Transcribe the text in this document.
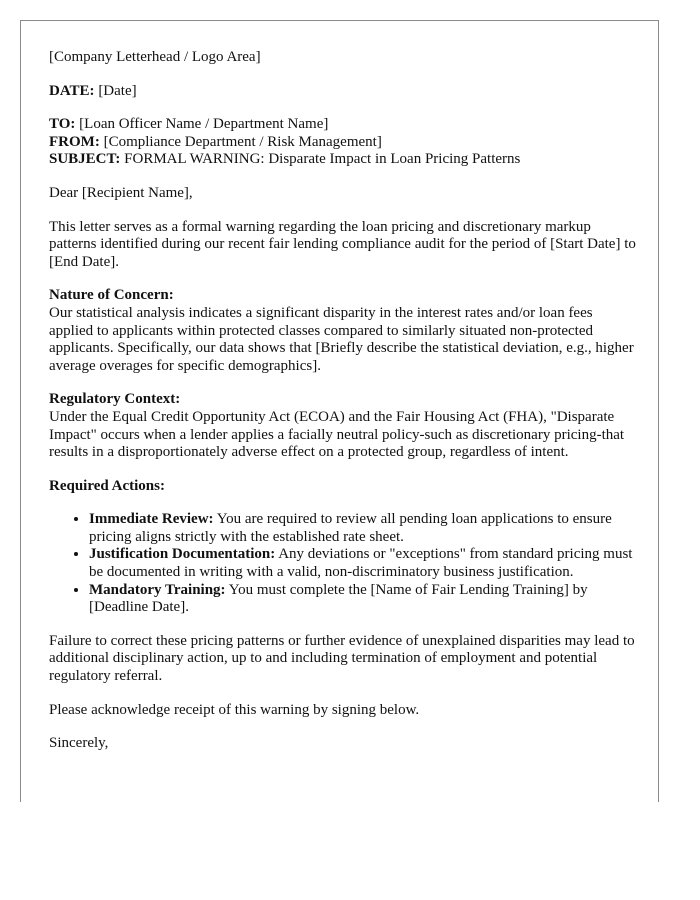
[Company Letterhead / Logo Area]

DATE: [Date]

TO: [Loan Officer Name / Department Name]
FROM: [Compliance Department / Risk Management]
SUBJECT: FORMAL WARNING: Disparate Impact in Loan Pricing Patterns

Dear [Recipient Name],

This letter serves as a formal warning regarding the loan pricing and discretionary markup patterns identified during our recent fair lending compliance audit for the period of [Start Date] to [End Date].

Nature of Concern:
Our statistical analysis indicates a significant disparity in the interest rates and/or loan fees applied to applicants within protected classes compared to similarly situated non-protected applicants. Specifically, our data shows that [Briefly describe the statistical deviation, e.g., higher average overages for specific demographics].
Regulatory Context:
Under the Equal Credit Opportunity Act (ECOA) and the Fair Housing Act (FHA), "Disparate Impact" occurs when a lender applies a facially neutral policy-such as discretionary pricing-that results in a disproportionately adverse effect on a protected group, regardless of intent.

Required Actions:

• Immediate Review: You are required to review all pending loan applications to ensure pricing aligns strictly with the established rate sheet.
• Justification Documentation: Any deviations or "exceptions" from standard pricing must be documented in writing with a valid, non-discriminatory business justification.
• Mandatory Training: You must complete the [Name of Fair Lending Training] by [Deadline Date].

Failure to correct these pricing patterns or further evidence of unexplained disparities may lead to additional disciplinary action, up to and including termination of employment and potential regulatory referral.

Please acknowledge receipt of this warning by signing below.

Sincerely,
